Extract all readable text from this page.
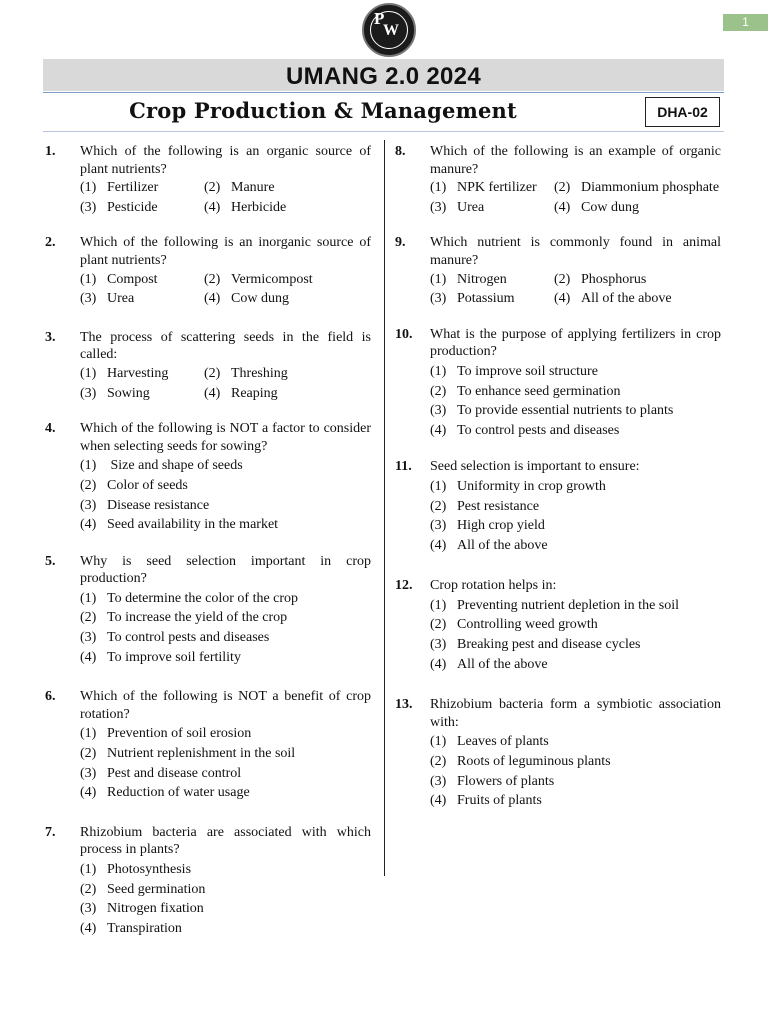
P
W	1
UMANG 2.0 2024
Crop Production & Management	DHA-02
1.	Which of the following is an organic source of plant nutrients?
(1) Fertilizer	(2) Manure
(3) Pesticide	(4) Herbicide
2.	Which of the following is an inorganic source of plant nutrients?
(1) Compost	(2) Vermicompost
(3) Urea	(4) Cow dung
3.	The process of scattering seeds in the field is called:
(1) Harvesting	(2) Threshing
(3) Sowing	(4) Reaping
4.	Which of the following is NOT a factor to consider when selecting seeds for sowing?
(1) Size and shape of seeds
(2) Color of seeds
(3) Disease resistance
(4) Seed availability in the market
5.	Why is seed selection important in crop production?
(1) To determine the color of the crop
(2) To increase the yield of the crop
(3) To control pests and diseases
(4) To improve soil fertility
6.	Which of the following is NOT a benefit of crop rotation?
(1) Prevention of soil erosion
(2) Nutrient replenishment in the soil
(3) Pest and disease control
(4) Reduction of water usage
7.	Rhizobium bacteria are associated with which process in plants?
(1) Photosynthesis
(2) Seed germination
(3) Nitrogen fixation
(4) Transpiration
8.	Which of the following is an example of organic manure?
(1) NPK fertilizer (2) Diammonium phosphate
(3) Urea	(4) Cow dung
9.	Which nutrient is commonly found in animal manure?
(1) Nitrogen	(2) Phosphorus
(3) Potassium	(4) All of the above
10.	What is the purpose of applying fertilizers in crop production?
(1) To improve soil structure
(2) To enhance seed germination
(3) To provide essential nutrients to plants
(4) To control pests and diseases
11.	Seed selection is important to ensure:
(1) Uniformity in crop growth
(2) Pest resistance
(3) High crop yield
(4) All of the above
12.	Crop rotation helps in:
(1) Preventing nutrient depletion in the soil
(2) Controlling weed growth
(3) Breaking pest and disease cycles
(4) All of the above
13.	Rhizobium bacteria form a symbiotic association with:
(1) Leaves of plants
(2) Roots of leguminous plants
(3) Flowers of plants
(4) Fruits of plants
